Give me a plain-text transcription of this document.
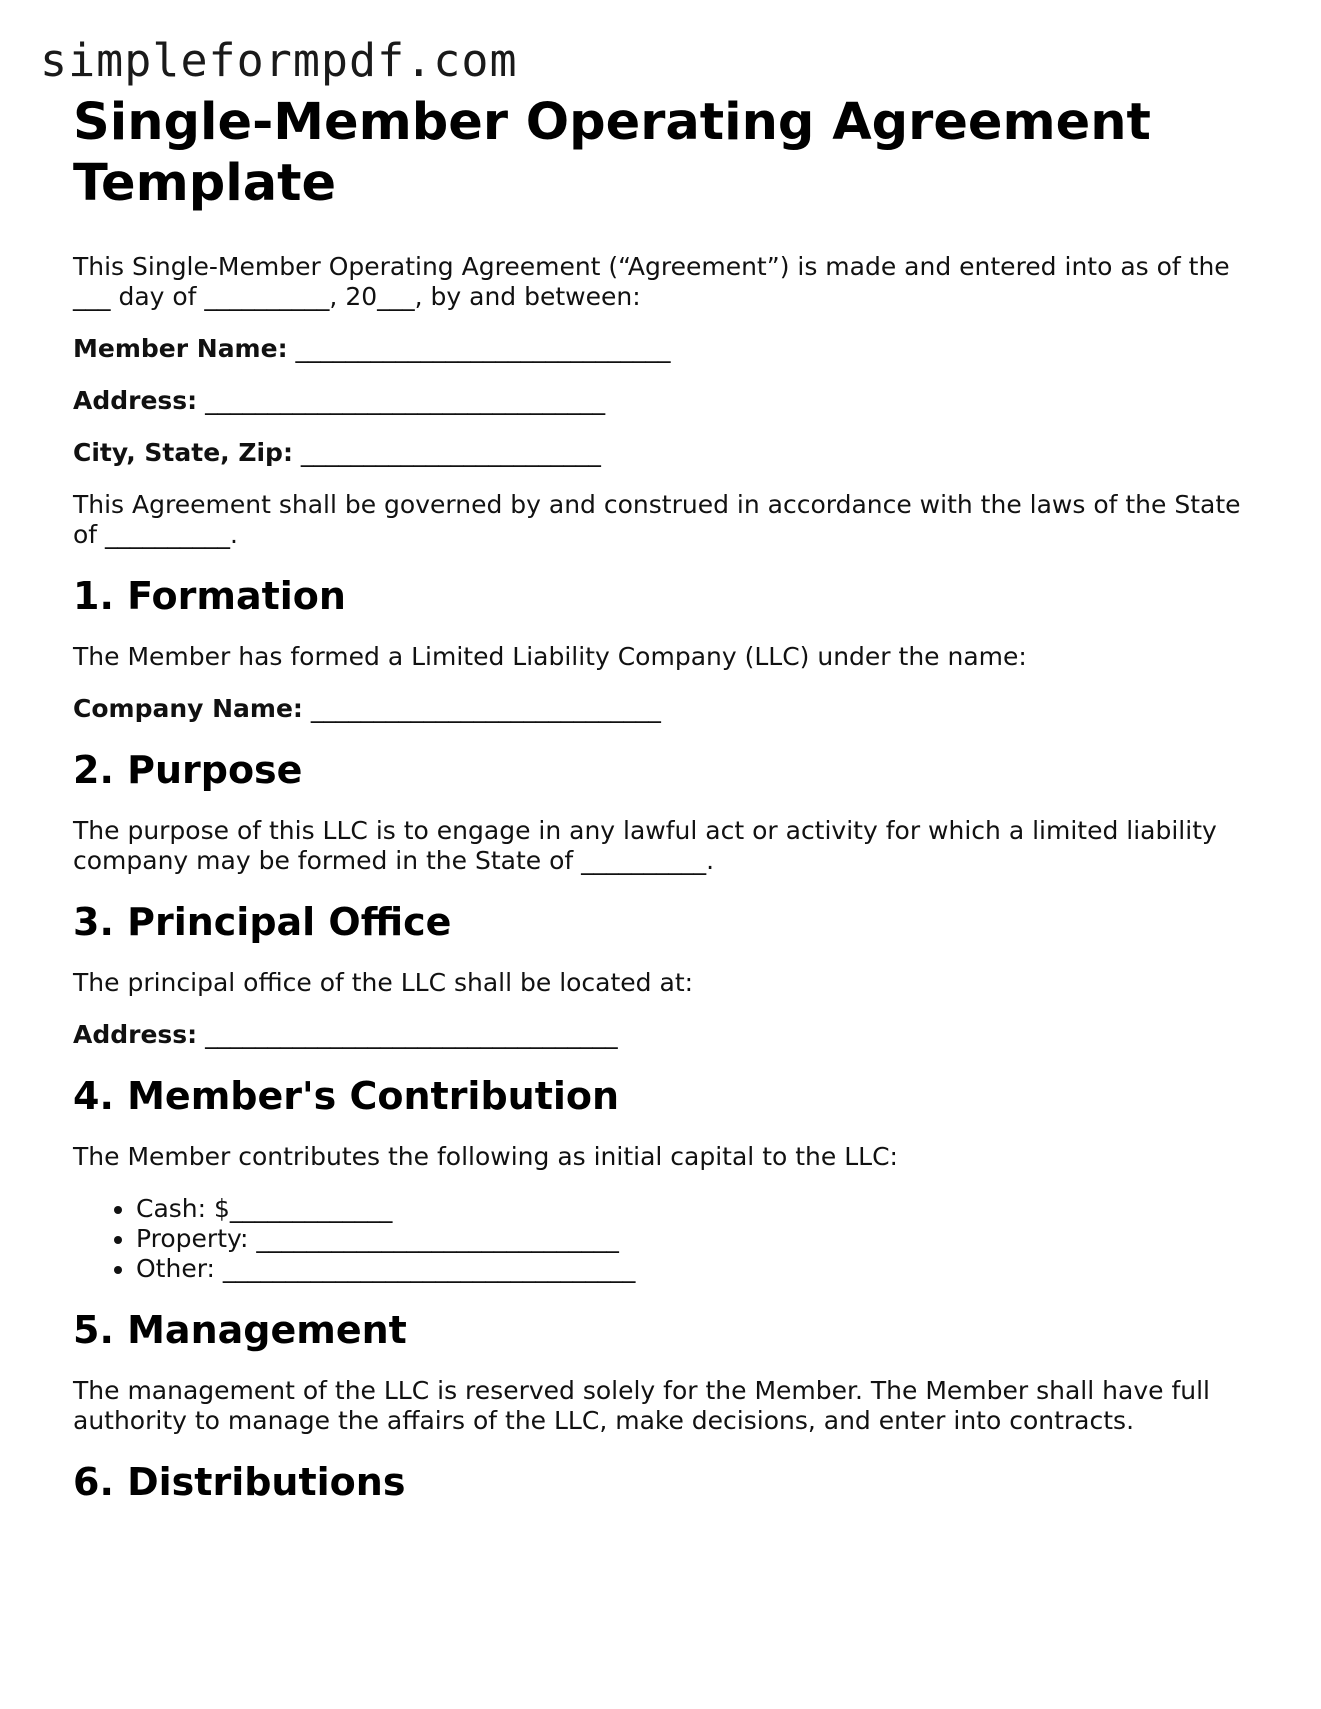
simpleformpdf.com
Single-Member Operating Agreement Template

This Single-Member Operating Agreement (“Agreement”) is made and entered into as of the ___ day of __________, 20___, by and between:

Member Name: ______________________________

Address: ________________________________

City, State, Zip: ________________________

This Agreement shall be governed by and construed in accordance with the laws of the State of __________.

1. Formation

The Member has formed a Limited Liability Company (LLC) under the name:

Company Name: ____________________________

2. Purpose

The purpose of this LLC is to engage in any lawful act or activity for which a limited liability company may be formed in the State of __________.

3. Principal Office

The principal office of the LLC shall be located at:

Address: _________________________________

4. Member's Contribution

The Member contributes the following as initial capital to the LLC:

• Cash: $_____________
• Property: _____________________________
• Other: _________________________________
5. Management

The management of the LLC is reserved solely for the Member. The Member shall have full authority to manage the affairs of the LLC, make decisions, and enter into contracts.

6. Distributions
